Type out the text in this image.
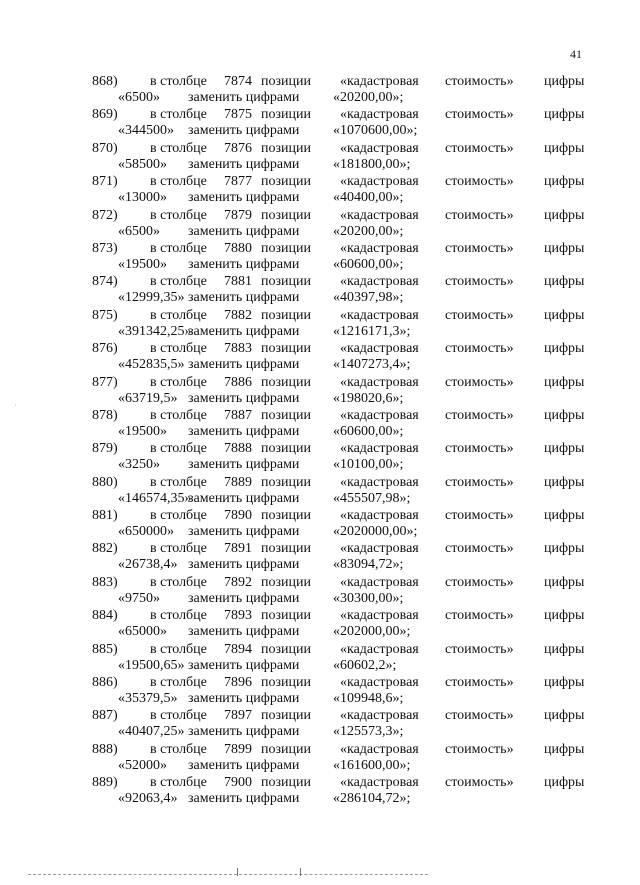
41
·
868) в столбце 7874 позиции «кадастровая стоимость» цифры
«6500» заменить цифрами «20200,00»;
869) в столбце 7875 позиции «кадастровая стоимость» цифры
«344500» заменить цифрами «1070600,00»;
870) в столбце 7876 позиции «кадастровая стоимость» цифры
«58500» заменить цифрами «181800,00»;
871) в столбце 7877 позиции «кадастровая стоимость» цифры
«13000» заменить цифрами «40400,00»;
872) в столбце 7879 позиции «кадастровая стоимость» цифры
«6500» заменить цифрами «20200,00»;
873) в столбце 7880 позиции «кадастровая стоимость» цифры
«19500» заменить цифрами «60600,00»;
874) в столбце 7881 позиции «кадастровая стоимость» цифры
«12999,35» заменить цифрами «40397,98»;
875) в столбце 7882 позиции «кадастровая стоимость» цифры
«391342,25»
заменить цифрами «1216171,3»;
876) в столбце 7883 позиции «кадастровая стоимость» цифры
«452835,5» заменить цифрами «1407273,4»;
877) в столбце 7886 позиции «кадастровая стоимость» цифры
«63719,5» заменить цифрами «198020,6»;
878) в столбце 7887 позиции «кадастровая стоимость» цифры
«19500» заменить цифрами «60600,00»;
879) в столбце 7888 позиции «кадастровая стоимость» цифры
«3250» заменить цифрами «10100,00»;
880) в столбце 7889 позиции «кадастровая стоимость» цифры
«146574,35»
заменить цифрами «455507,98»;
881) в столбце 7890 позиции «кадастровая стоимость» цифры
«650000» заменить цифрами «2020000,00»;
882) в столбце 7891 позиции «кадастровая стоимость» цифры
«26738,4» заменить цифрами «83094,72»;
883) в столбце 7892 позиции «кадастровая стоимость» цифры
«9750» заменить цифрами «30300,00»;
884) в столбце 7893 позиции «кадастровая стоимость» цифры
«65000» заменить цифрами «202000,00»;
885) в столбце 7894 позиции «кадастровая стоимость» цифры
«19500,65» заменить цифрами «60602,2»;
886) в столбце 7896 позиции «кадастровая стоимость» цифры
«35379,5» заменить цифрами «109948,6»;
887) в столбце 7897 позиции «кадастровая стоимость» цифры
«40407,25» заменить цифрами «125573,3»;
888) в столбце 7899 позиции «кадастровая стоимость» цифры
«52000» заменить цифрами «161600,00»;
889) в столбце 7900 позиции «кадастровая стоимость» цифры
«92063,4» заменить цифрами «286104,72»;
